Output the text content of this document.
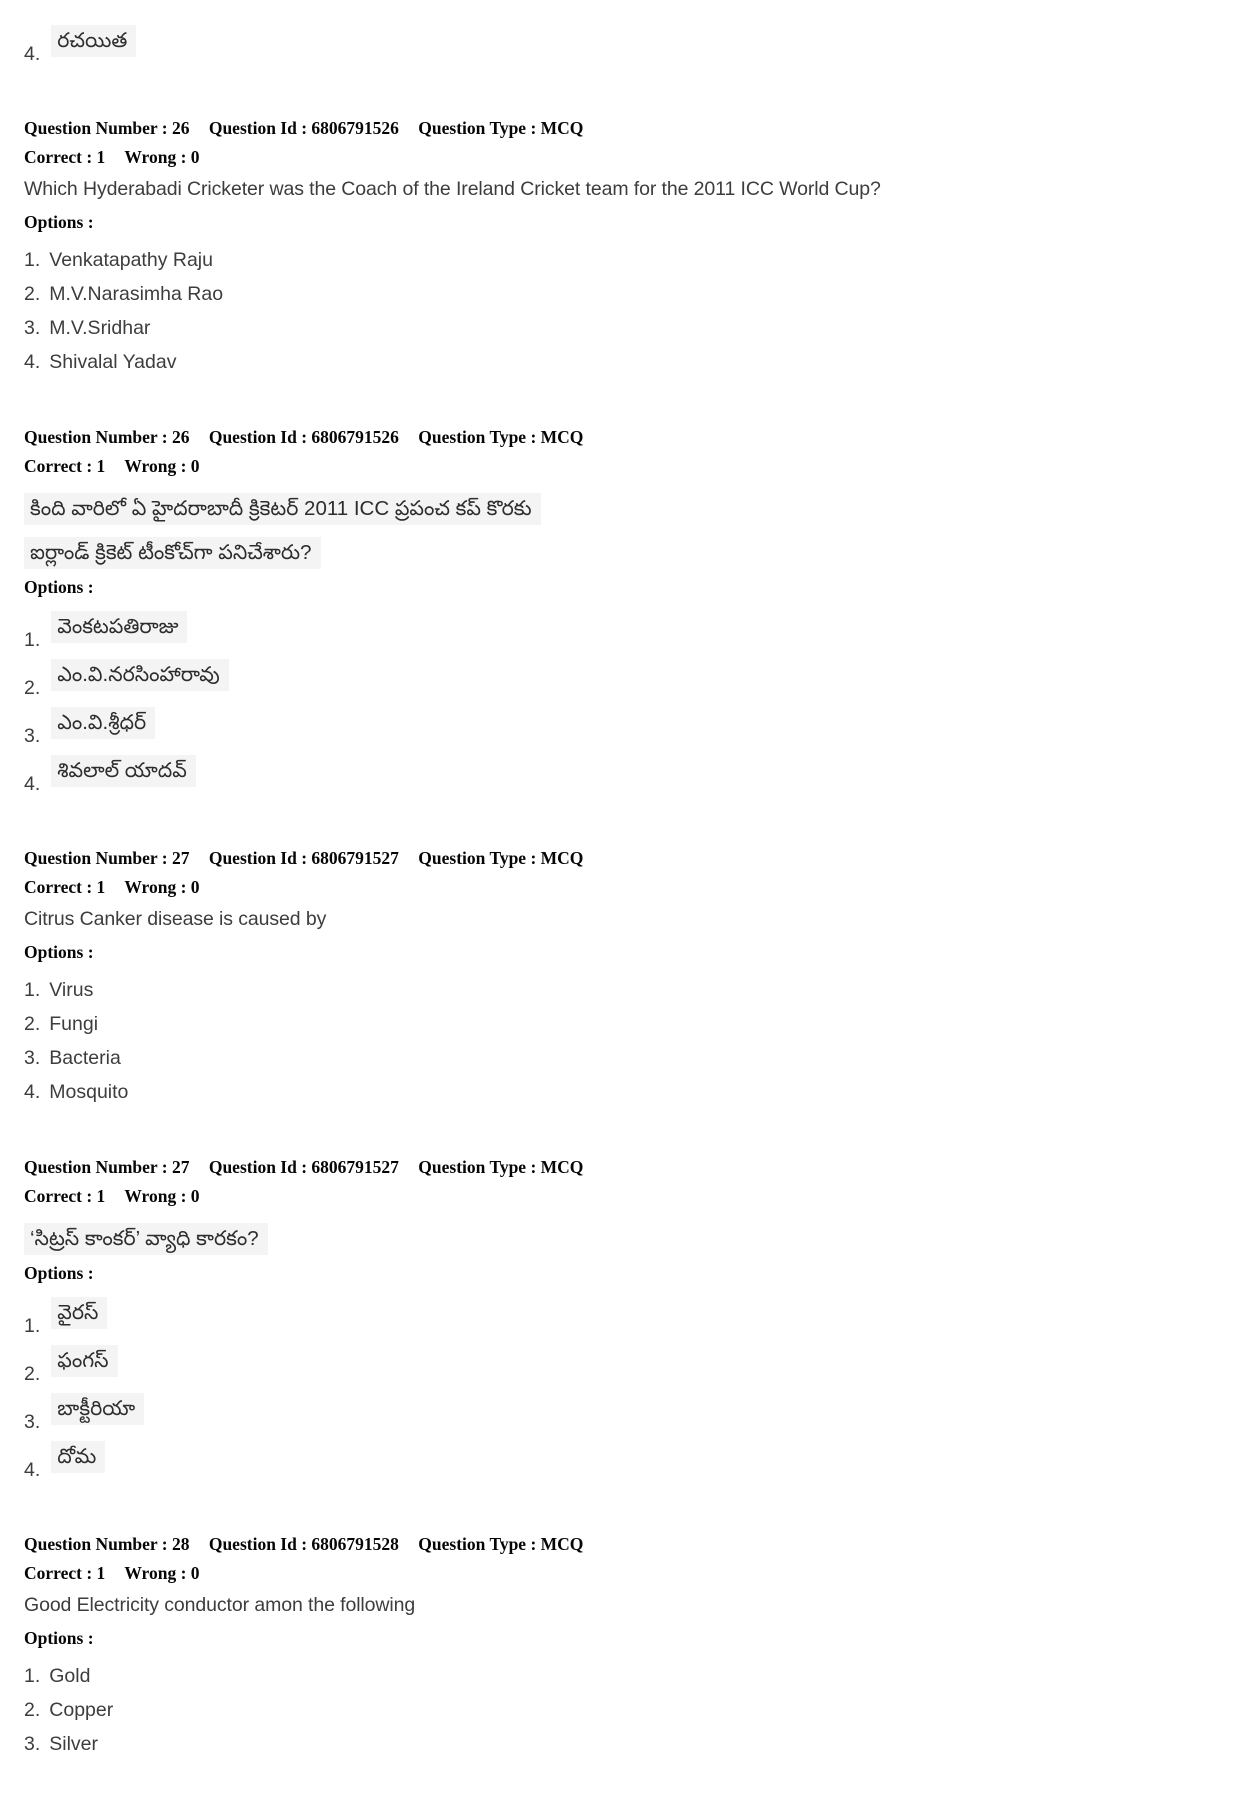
4.
రచయిత
Question Number : 26 Question Id : 6806791526 Question Type : MCQ
Correct : 1 Wrong : 0
Which Hyderabadi Cricketer was the Coach of the Ireland Cricket team for the 2011 ICC World Cup?
Options :
1. Venkatapathy Raju
2. M.V.Narasimha Rao
3. M.V.Sridhar
4. Shivalal Yadav
Question Number : 26 Question Id : 6806791526 Question Type : MCQ
Correct : 1 Wrong : 0
కింది వారిలో ఏ హైదరాబాదీ క్రికెటర్ 2011 ICC ప్రపంచ కప్ కొరకు
ఐర్లాండ్ క్రికెట్ టీంకోచ్‌గా పనిచేశారు?
Options :
1.
వెంకటపతిరాజు
2.
ఎం.వి.నరసింహారావు
3.
ఎం.వి.శ్రీధర్
4.
శివలాల్ యాదవ్
Question Number : 27 Question Id : 6806791527 Question Type : MCQ
Correct : 1 Wrong : 0
Citrus Canker disease is caused by
Options :
1. Virus
2. Fungi
3. Bacteria
4. Mosquito
Question Number : 27 Question Id : 6806791527 Question Type : MCQ
Correct : 1 Wrong : 0
‘సిట్రస్ కాంకర్’ వ్యాధి కారకం?
Options :
1.
వైరస్
2.
ఫంగస్
3.
బాక్టీరియా
4.
దోమ
Question Number : 28 Question Id : 6806791528 Question Type : MCQ
Correct : 1 Wrong : 0
Good Electricity conductor amon the following
Options :
1. Gold
2. Copper
3. Silver
